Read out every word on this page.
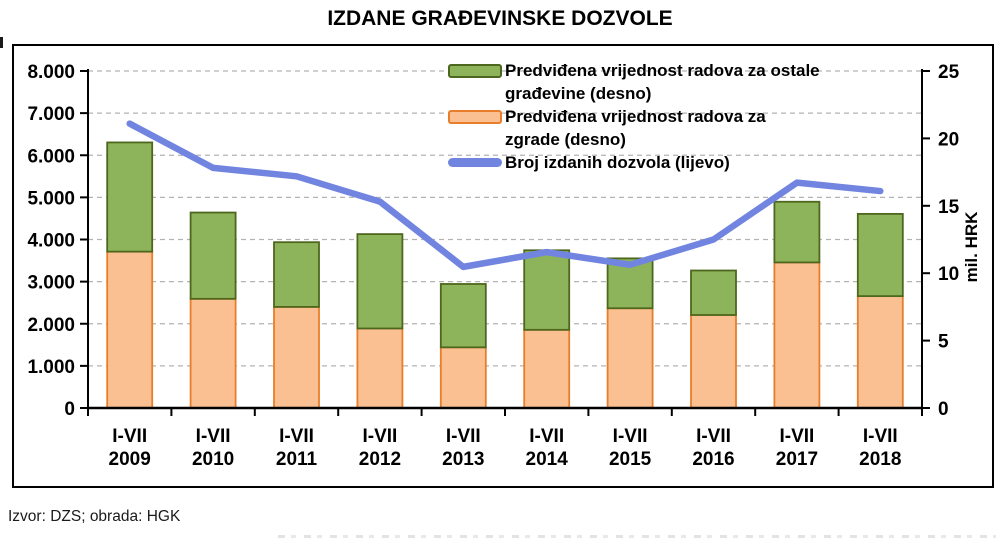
IZDANE GRAĐEVINSKE DOZVOLE
0
1.000
2.000
3.000
4.000
5.000
6.000
7.000
8.000
0
5
10
15
20
25
I-VII
2009
I-VII
2010
I-VII
2011
I-VII
2012
I-VII
2013
I-VII
2014
I-VII
2015
I-VII
2016
I-VII
2017
I-VII
2018
Predviđena vrijednost radova za ostale
građevine (desno)
Predviđena vrijednost radova za
zgrade (desno)
Broj izdanih dozvola (lijevo)
mil. HRK
Izvor: DZS; obrada: HGK
